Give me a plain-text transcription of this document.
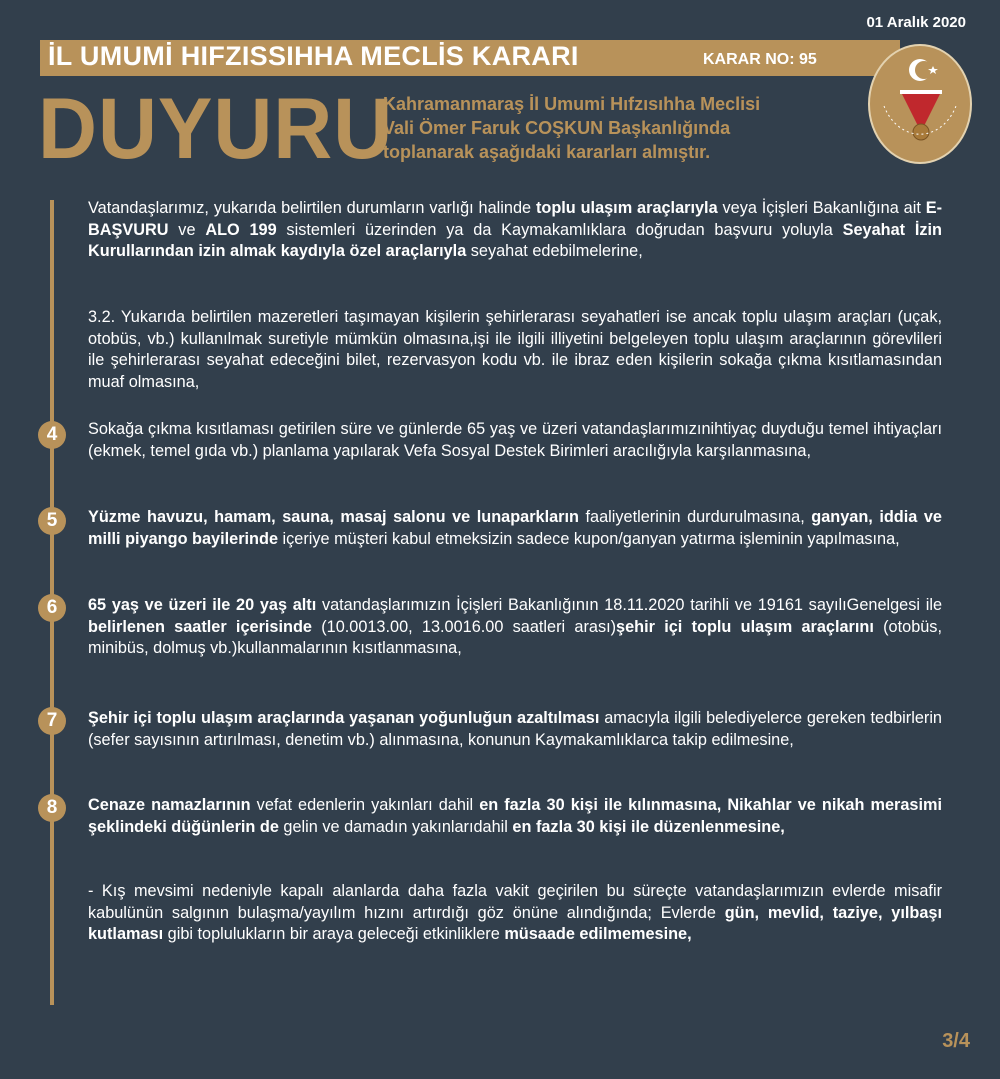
01 Aralık 2020
İL UMUMİ HIFZISSIHHA MECLİS KARARI	KARAR NO: 95
DUYURU
Kahramanmaraş İl Umumi Hıfzısıhha Meclisi
Vali Ömer Faruk COŞKUN Başkanlığında
toplanarak aşağıdaki kararları almıştır.
4
5
6
7
8
Vatandaşlarımız, yukarıda belirtilen durumların varlığı halinde toplu ulaşım araçlarıyla veya İçişleri Bakanlığına ait E-BAŞVURU ve ALO 199 sistemleri üzerinden ya da Kaymakamlıklara doğrudan başvuru yoluyla Seyahat İzin Kurullarından izin almak kaydıyla özel araçlarıyla seyahat edebilmelerine,
3.2. Yukarıda belirtilen mazeretleri taşımayan kişilerin şehirlerarası seyahatleri ise ancak toplu ulaşım araçları (uçak, otobüs, vb.) kullanılmak suretiyle mümkün olmasına,işi ile ilgili illiyetini belgeleyen toplu ulaşım araçlarının görevlileri ile şehirlerarası seyahat edeceğini bilet, rezervasyon kodu vb. ile ibraz eden kişilerin sokağa çıkma kısıtlamasından muaf olmasına,
Sokağa çıkma kısıtlaması getirilen süre ve günlerde 65 yaş ve üzeri vatandaşlarımızınihtiyaç duyduğu temel ihtiyaçları (ekmek, temel gıda vb.) planlama yapılarak Vefa Sosyal Destek Birimleri aracılığıyla karşılanmasına,
Yüzme havuzu, hamam, sauna, masaj salonu ve lunaparkların faaliyetlerinin durdurulmasına, ganyan, iddia ve milli piyango bayilerinde içeriye müşteri kabul etmeksizin sadece kupon/ganyan yatırma işleminin yapılmasına,
65 yaş ve üzeri ile 20 yaş altı vatandaşlarımızın İçişleri Bakanlığının 18.11.2020 tarihli ve 19161 sayılıGenelgesi ile belirlenen saatler içerisinde (10.0013.00, 13.0016.00 saatleri arası)şehir içi toplu ulaşım araçlarını (otobüs, minibüs, dolmuş vb.)kullanmalarının kısıtlanmasına,
Şehir içi toplu ulaşım araçlarında yaşanan yoğunluğun azaltılması amacıyla ilgili belediyelerce gereken tedbirlerin (sefer sayısının artırılması, denetim vb.) alınmasına, konunun Kaymakamlıklarca takip edilmesine,
Cenaze namazlarının vefat edenlerin yakınları dahil en fazla 30 kişi ile kılınmasına, Nikahlar ve nikah merasimi şeklindeki düğünlerin de gelin ve damadın yakınlarıdahil en fazla 30 kişi ile düzenlenmesine,
- Kış mevsimi nedeniyle kapalı alanlarda daha fazla vakit geçirilen bu süreçte vatandaşlarımızın evlerde misafir kabulünün salgının bulaşma/yayılım hızını artırdığı göz önüne alındığında; Evlerde gün, mevlid, taziye, yılbaşı kutlaması gibi toplulukların bir araya geleceği etkinliklere müsaade edilmemesine,
3/4
